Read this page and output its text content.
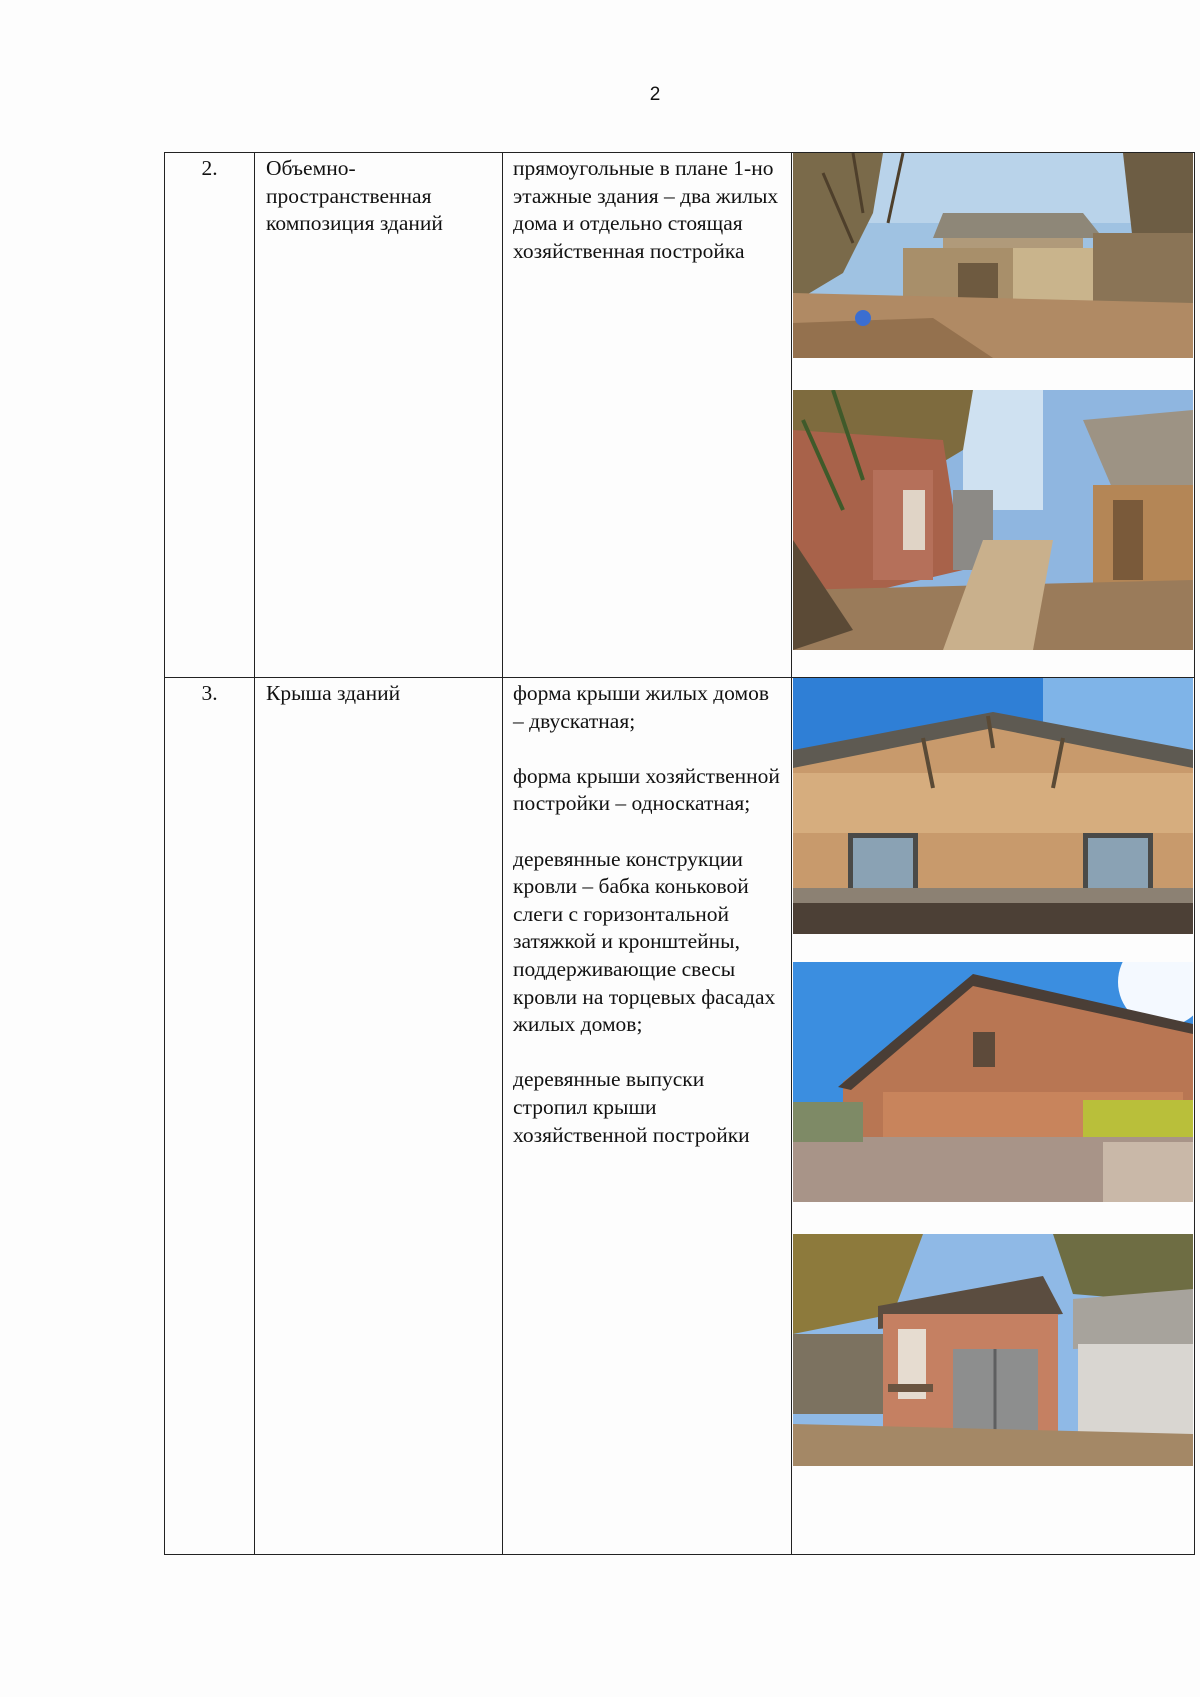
2
2.	Объемно-пространственная композиция зданий	прямоугольные в плане 1-но этажные здания – два жилых дома и отдельно стоящая хозяйственная постройка

3.	Крыша зданий	форма крыши жилых домов – двускатная;

форма крыши хозяйственной постройки – односкатная;

деревянные конструкции кровли – бабка коньковой слеги с горизонтальной затяжкой и кронштейны, поддерживающие свесы кровли на торцевых фасадах жилых домов;

деревянные выпуски стропил крыши хозяйственной постройки
